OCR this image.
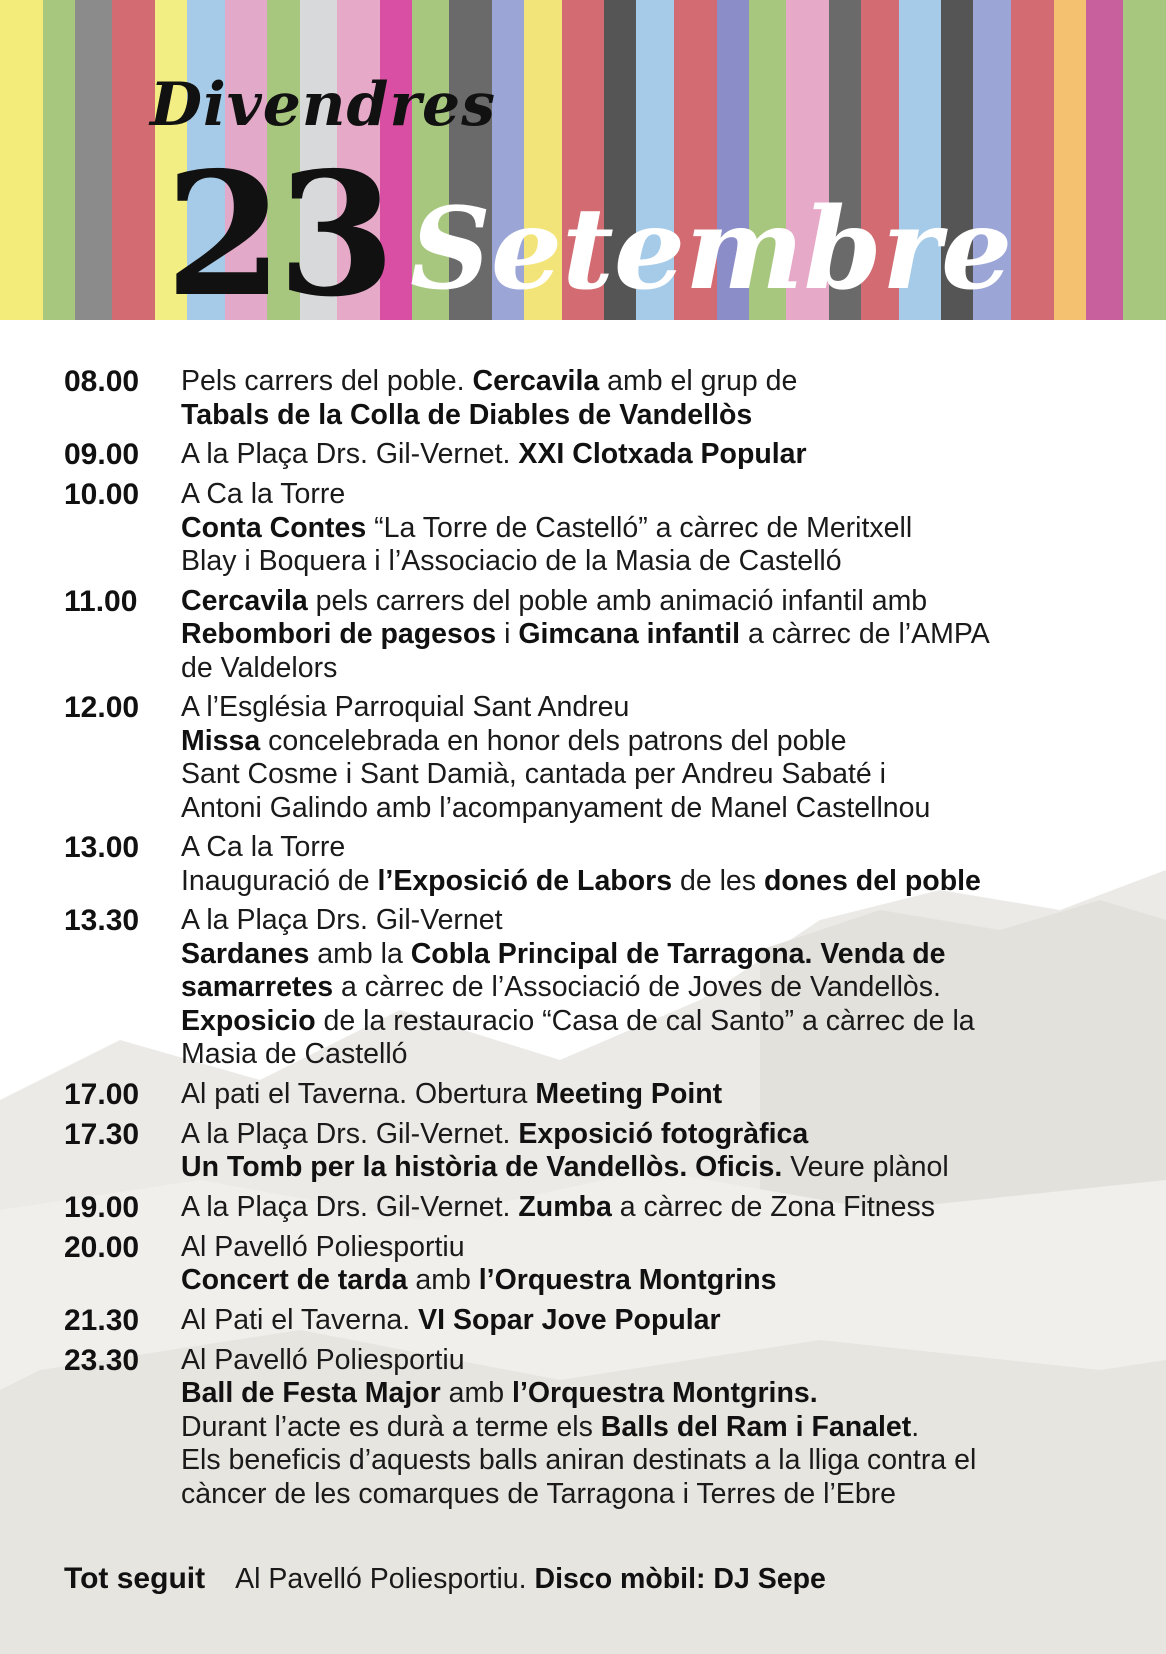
Divendres
23 Setembre
08.00	Pels carrers del poble. Cercavila amb el grup de
Tabals de la Colla de Diables de Vandellòs
09.00	A la Plaça Drs. Gil-Vernet. XXI Clotxada Popular
10.00	A Ca la Torre
Conta Contes “La Torre de Castelló” a càrrec de Meritxell
Blay i Boquera i l’Associacio de la Masia de Castelló
11.00	Cercavila pels carrers del poble amb animació infantil amb
Rebombori de pagesos i Gimcana infantil a càrrec de l’AMPA
de Valdelors
12.00	A l’Església Parroquial Sant Andreu
Missa concelebrada en honor dels patrons del poble
Sant Cosme i Sant Damià, cantada per Andreu Sabaté i
Antoni Galindo amb l’acompanyament de Manel Castellnou
13.00	A Ca la Torre
Inauguració de l’Exposició de Labors de les dones del poble
13.30	A la Plaça Drs. Gil-Vernet
Sardanes amb la Cobla Principal de Tarragona. Venda de
samarretes a càrrec de l’Associació de Joves de Vandellòs.
Exposicio de la restauracio “Casa de cal Santo” a càrrec de la
Masia de Castelló
17.00	Al pati el Taverna. Obertura Meeting Point
17.30	A la Plaça Drs. Gil-Vernet. Exposició fotogràfica
Un Tomb per la història de Vandellòs. Oficis. Veure plànol
19.00	A la Plaça Drs. Gil-Vernet. Zumba a càrrec de Zona Fitness
20.00	Al Pavelló Poliesportiu
Concert de tarda amb l’Orquestra Montgrins
21.30	Al Pati el Taverna. VI Sopar Jove Popular
23.30	Al Pavelló Poliesportiu
Ball de Festa Major amb l’Orquestra Montgrins.
Durant l’acte es durà a terme els Balls del Ram i Fanalet.
Els beneficis d’aquests balls aniran destinats a la lliga contra el
càncer de les comarques de Tarragona i Terres de l’Ebre
Tot seguit Al Pavelló Poliesportiu. Disco mòbil: DJ Sepe
